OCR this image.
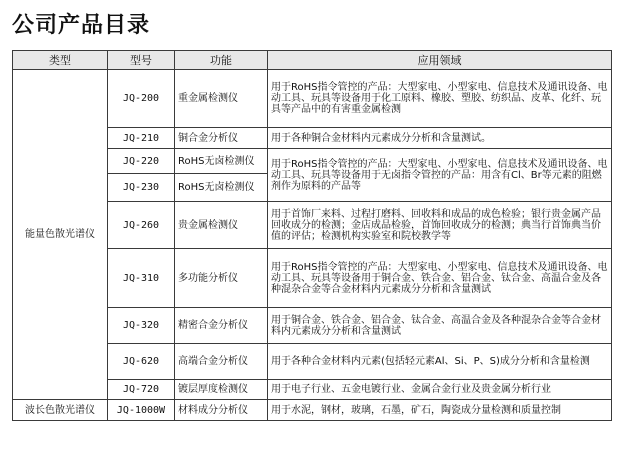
公司产品目录
类型	型号	功能	应用领域
能量色散光谱仪	JQ-200	重金属检测仪	用于RoHS指令管控的产品：大型家电、小型家电、信息技术及通讯设备、电动工具、玩具等设备用于化工原料、橡胶、塑胶、纺织品、皮革、化纤、玩具等产品中的有害重金属检测
	JQ-210	铜合金分析仪	用于各种铜合金材料内元素成分分析和含量测试。
	JQ-220	RoHS无卤检测仪	用于RoHS指令管控的产品：大型家电、小型家电、信息技术及通讯设备、电动工具、玩具等设备用于无卤指令管控的产品：用含有Cl、Br等元素的阻燃剂作为原料的产品等
	JQ-230	RoHS无卤检测仪	
	JQ-260	贵金属检测仪	用于首饰厂来料、过程打磨料、回收料和成品的成色检验；银行贵金属产品回收成分的检测；金店成品检验，首饰回收成分的检测；典当行首饰典当价值的评估；检测机构实验室和院校教学等
	JQ-310	多功能分析仪	用于RoHS指令管控的产品：大型家电、小型家电、信息技术及通讯设备、电动工具、玩具等设备用于铜合金、铁合金、铝合金、钛合金、高温合金及各种混杂合金等合金材料内元素成分分析和含量测试
	JQ-320	精密合金分析仪	用于铜合金、铁合金、铝合金、钛合金、高温合金及各种混杂合金等合金材料内元素成分分析和含量测试
	JQ-620	高端合金分析仪	用于各种合金材料内元素(包括轻元素Al、Si、P、S)成分分析和含量检测
	JQ-720	镀层厚度检测仪	用于电子行业、五金电镀行业、金属合金行业及贵金属分析行业
波长色散光谱仪	JQ-1000W	材料成分分析仪	用于水泥，钢材，玻璃，石墨，矿石，陶瓷成分量检测和质量控制
